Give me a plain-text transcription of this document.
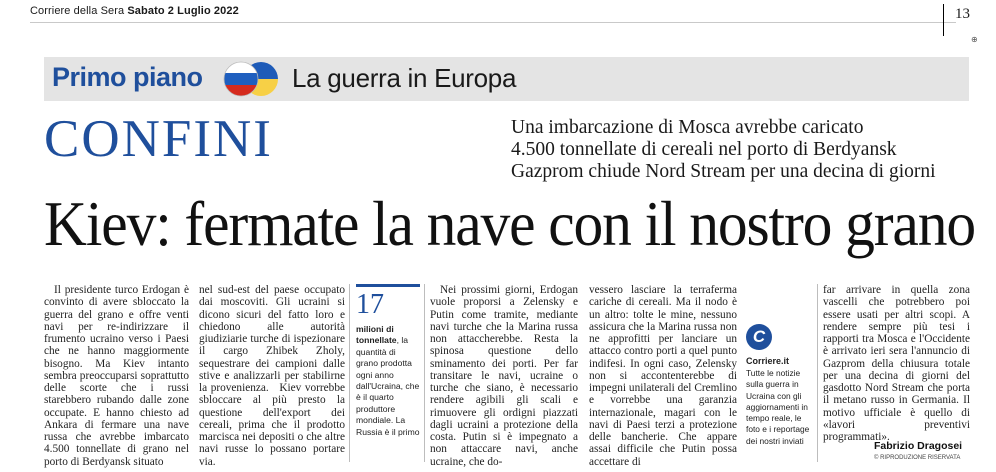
Corriere della Sera Sabato 2 Luglio 2022	13
⊕
Primo piano	La guerra in Europa
CONFINI	Una imbarcazione di Mosca avrebbe caricato
4.500 tonnellate di cereali nel porto di Berdyansk
Gazprom chiude Nord Stream per una decina di giorni
Kiev: fermate la nave con il nostro grano
Il presidente turco Erdogan è convinto di avere sbloccato la guerra del grano e offre venti navi per re-indirizzare il frumento ucraino verso i Paesi che ne hanno maggiormente bisogno. Ma Kiev intanto sembra preoccuparsi soprattutto delle scorte che i russi starebbero rubando dalle zone occupate. E hanno chiesto ad Ankara di fermare una nave russa che avrebbe imbarcato 4.500 tonnellate di grano nel porto di Berdyansk situato
nel sud-est del paese occupato dai moscoviti. Gli ucraini si dicono sicuri del fatto loro e chiedono alle autorità giudiziarie turche di ispezionare il cargo Zhibek Zholy, sequestrare dei campioni dalle stive e analizzarli per stabilirne la provenienza.   Kiev vorrebbe sbloccare al più presto la questione dell'export dei cereali, prima che il prodotto marcisca nei depositi o che altre navi russe lo possano portare via.
17
milioni di tonnellate, la quantità di grano prodotta ogni anno dall'Ucraina, che è il quarto produttore mondiale. La Russia è il primo
Nei prossimi giorni, Erdogan vuole proporsi a Zelensky e Putin come tramite, mediante navi turche che la Marina russa non attaccherebbe. Resta la spinosa questione dello sminamento dei porti. Per far transitare le navi, ucraine o turche che siano, è necessario rendere agibili gli scali e rimuovere gli ordigni piazzati dagli ucraini a protezione della costa. Putin si è impegnato a non attaccare navi, anche ucraine, che do-
vessero lasciare la terraferma cariche di cereali. Ma il nodo è un altro: tolte le mine, nessuno assicura che la Marina russa non ne approfitti per lanciare un attacco contro porti a quel punto indifesi. In ogni caso, Zelensky non si accontenterebbe di impegni unilaterali del Cremlino e vorrebbe una garanzia internazionale, magari con le navi di Paesi terzi a protezione delle bancherie. Che appare assai difficile che Putin possa accettare di
C
Corriere.it
Tutte le notizie sulla guerra in Ucraina con gli aggiornamenti in tempo reale, le foto e i reportage dei nostri inviati
far arrivare in quella zona vascelli che potrebbero poi essere usati per altri scopi. A rendere sempre più tesi i rapporti tra Mosca e l'Occidente è arrivato ieri sera l'annuncio di Gazprom della chiusura totale per una decina di giorni del gasdotto Nord Stream che porta il metano russo in Germania. Il motivo ufficiale è quello di «lavori preventivi programmati».
Fabrizio Dragosei
© RIPRODUZIONE RISERVATA
